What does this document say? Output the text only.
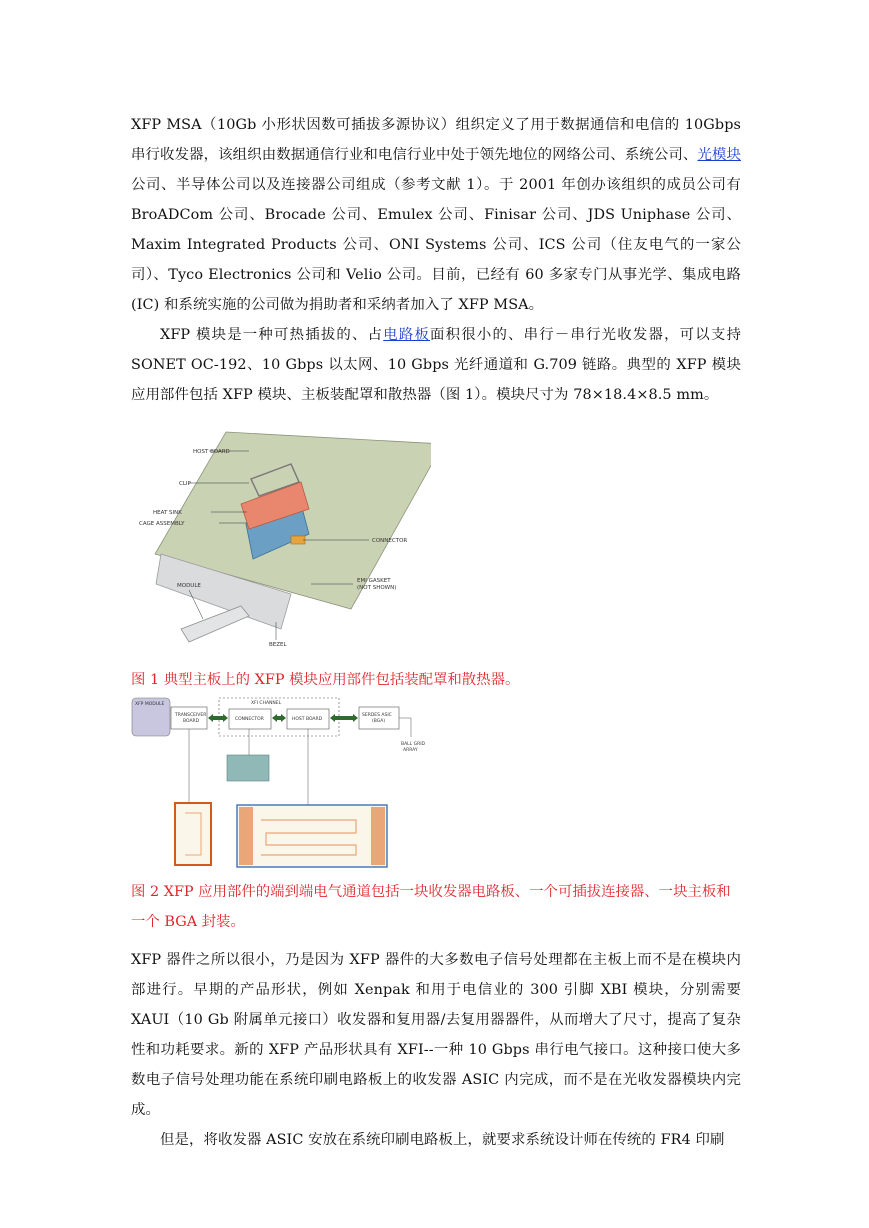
XFP MSA（10Gb 小形状因数可插拔多源协议）组织定义了用于数据通信和电信的 10Gbps 串行收发器，该组织由数据通信行业和电信行业中处于领先地位的网络公司、系统公司、光模块公司、半导体公司以及连接器公司组成（参考文献 1）。于 2001 年创办该组织的成员公司有 BroADCom 公司、Brocade 公司、Emulex 公司、Finisar 公司、JDS Uniphase 公司、Maxim Integrated Products 公司、ONI Systems 公司、ICS 公司（住友电气的一家公司）、Tyco Electronics 公司和 Velio 公司。目前，已经有 60 多家专门从事光学、集成电路 (IC) 和系统实施的公司做为捐助者和采纳者加入了 XFP MSA。

XFP 模块是一种可热插拔的、占电路板面积很小的、串行－串行光收发器，可以支持 SONET OC-192、10 Gbps 以太网、10 Gbps 光纤通道和 G.709 链路。典型的 XFP 模块应用部件包括 XFP 模块、主板装配罩和散热器（图 1）。模块尺寸为 78×18.4×8.5 mm。

HOST BOARD
CLIP
HEAT SINK
CAGE ASSEMBLY
CONNECTOR
MODULE
EMI GASKET
(NOT SHOWN)
BEZEL

图 1 典型主板上的 XFP 模块应用部件包括装配罩和散热器。

XFP MODULE
TRANSCEIVER
BOARD
XFI CHANNEL
CONNECTOR	HOST BOARD
SERDES ASIC
(BGA)
BALL GRID
ARRAY

图 2 XFP 应用部件的端到端电气通道包括一块收发器电路板、一个可插拔连接器、一块主板和一个 BGA 封装。

XFP 器件之所以很小，乃是因为 XFP 器件的大多数电子信号处理都在主板上而不是在模块内部进行。早期的产品形状，例如 Xenpak 和用于电信业的 300 引脚 XBI 模块，分别需要 XAUI（10 Gb 附属单元接口）收发器和复用器/去复用器器件，从而增大了尺寸，提高了复杂性和功耗要求。新的 XFP 产品形状具有 XFI--一种 10 Gbps 串行电气接口。这种接口使大多数电子信号处理功能在系统印刷电路板上的收发器 ASIC 内完成，而不是在光收发器模块内完成。

但是，将收发器 ASIC 安放在系统印刷电路板上，就要求系统设计师在传统的 FR4 印刷
